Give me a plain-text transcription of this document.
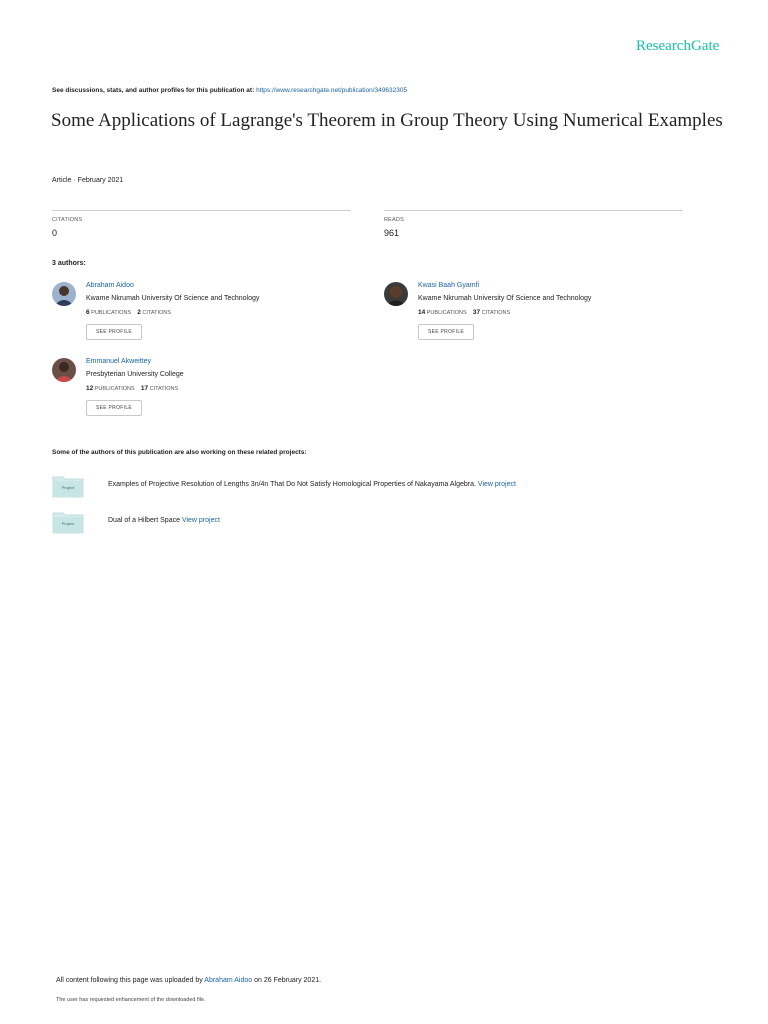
ResearchGate
See discussions, stats, and author profiles for this publication at: https://www.researchgate.net/publication/349632305
Some Applications of Lagrange's Theorem in Group Theory Using Numerical Examples
Article · February 2021
CITATIONS
0
READS
961
3 authors:
Abraham Aidoo
Kwame Nkrumah University Of Science and Technology
6 PUBLICATIONS 2 CITATIONS
SEE PROFILE
Kwasi Baah Gyamfi
Kwame Nkrumah University Of Science and Technology
14 PUBLICATIONS 37 CITATIONS
SEE PROFILE
Emmanuel Akweittey
Presbyterian University College
12 PUBLICATIONS 17 CITATIONS
SEE PROFILE
Some of the authors of this publication are also working on these related projects:
Project	Examples of Projective Resolution of Lengths 3n/4n That Do Not Satisfy Homological Properties of Nakayama Algebra. View project
Project	Dual of a Hilbert Space View project
All content following this page was uploaded by Abraham Aidoo on 26 February 2021.
The user has requested enhancement of the downloaded file.
